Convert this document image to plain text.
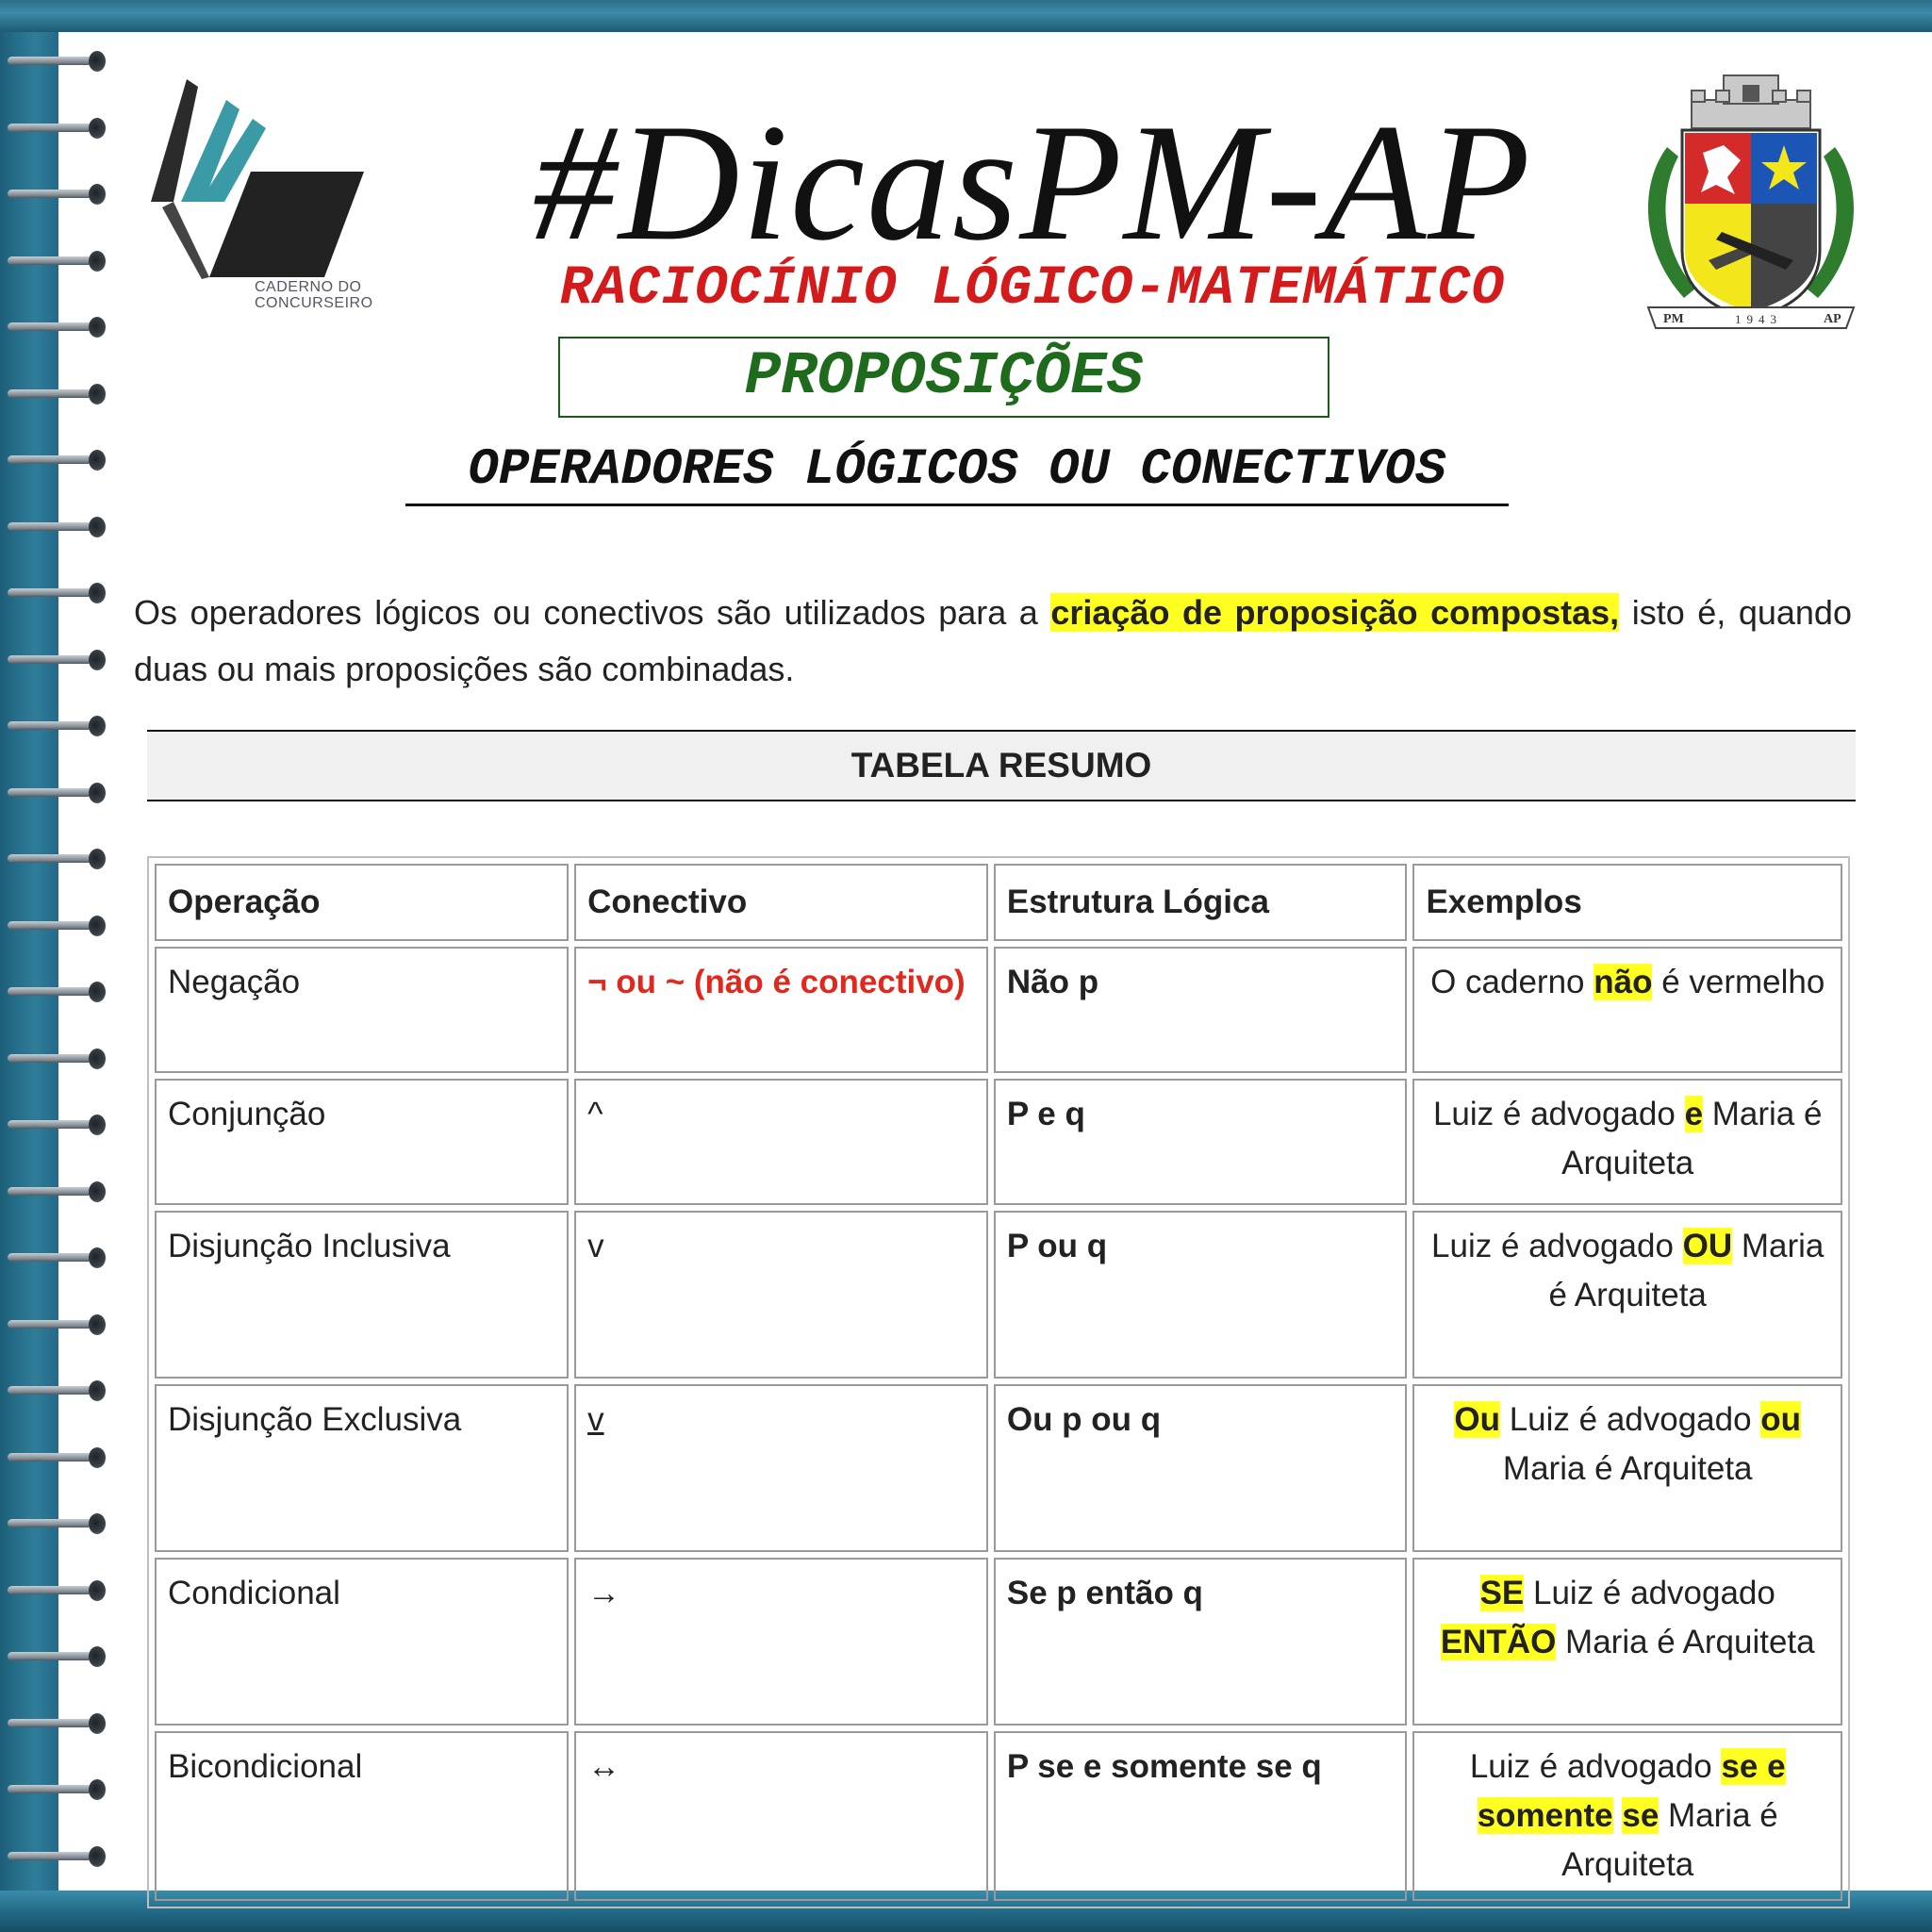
CADERNO DO CONCURSEIRO
#DicasPM-AP
PM	1943	AP
RACIOCÍNIO LÓGICO-MATEMÁTICO
PROPOSIÇÕES
OPERADORES LÓGICOS OU CONECTIVOS
Os operadores lógicos ou conectivos são utilizados para a criação de proposição compostas, isto é, quando duas ou mais proposições são combinadas.
TABELA RESUMO
Operação	Conectivo	Estrutura Lógica	Exemplos
Negação	¬ ou ~ (não é conectivo)	Não p	O caderno não é vermelho
Conjunção	^	P e q	Luiz é advogado e Maria é Arquiteta
Disjunção Inclusiva	v	P ou q	Luiz é advogado OU Maria é Arquiteta
Disjunção Exclusiva	v	Ou p ou q	Ou Luiz é advogado ou Maria é Arquiteta
Condicional	→	Se p então q	SE Luiz é advogado ENTÃO Maria é Arquiteta
Bicondicional	↔	P se e somente se q	Luiz é advogado se e somente se Maria é Arquiteta
